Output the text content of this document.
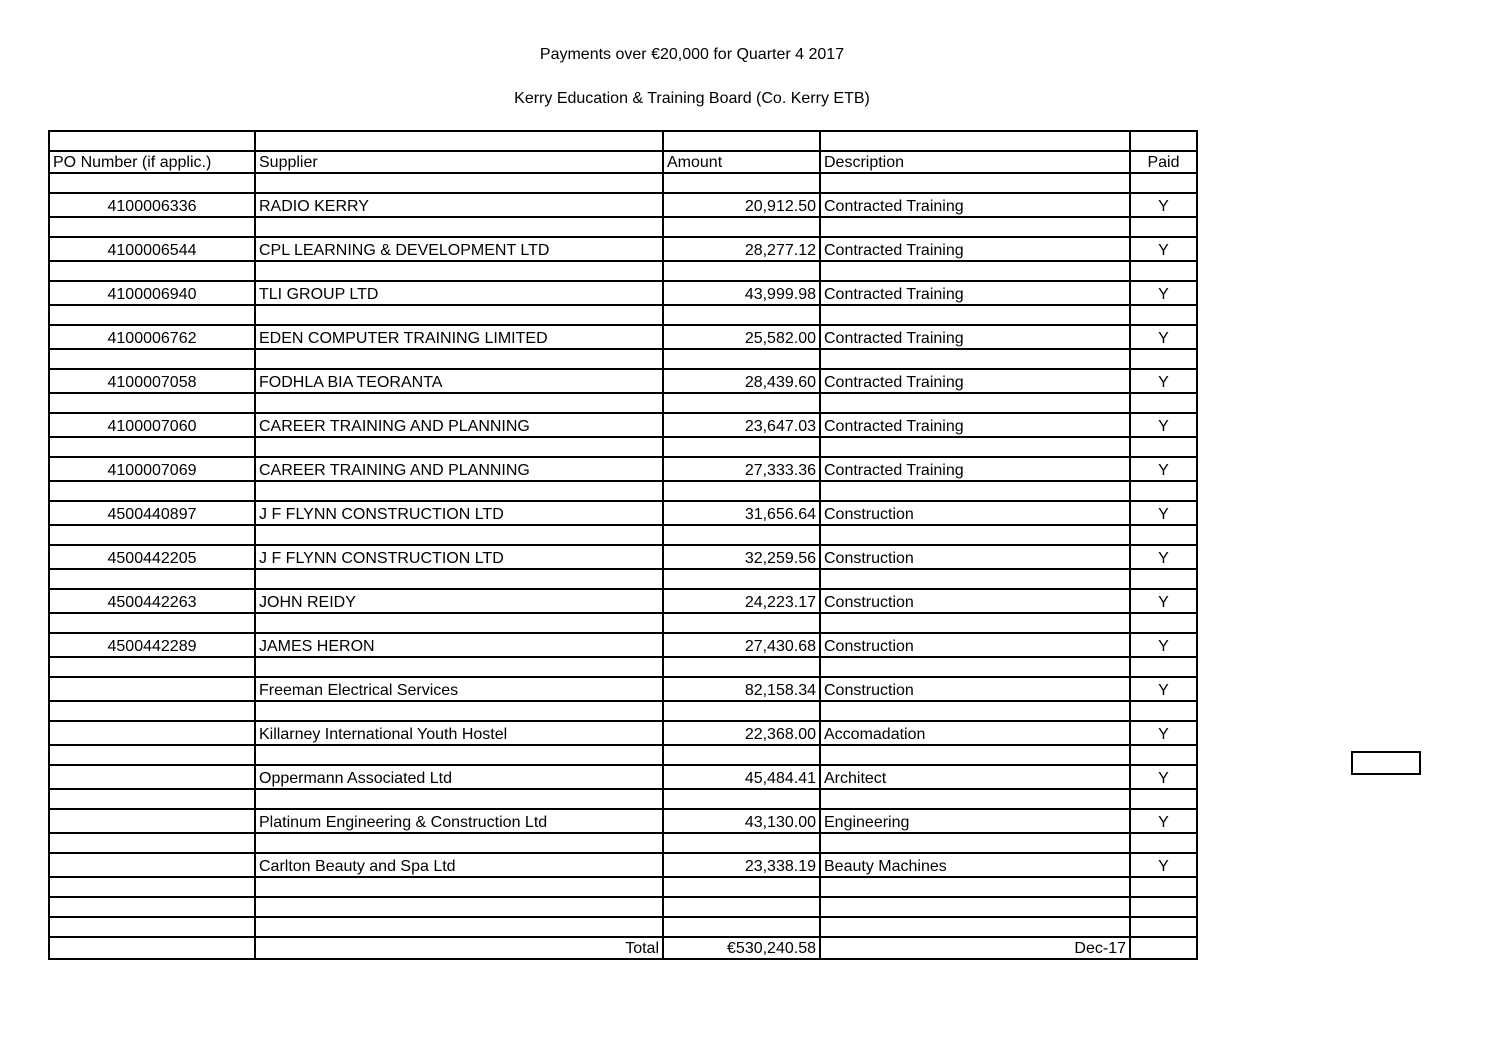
Payments over €20,000 for Quarter 4 2017
Kerry Education & Training Board (Co. Kerry ETB)

PO Number (if applic.)	Supplier	Amount	Description	Paid

4100006336	RADIO KERRY	20,912.50	Contracted Training	Y

4100006544	CPL LEARNING & DEVELOPMENT LTD	28,277.12	Contracted Training	Y

4100006940	TLI GROUP LTD	43,999.98	Contracted Training	Y

4100006762	EDEN COMPUTER TRAINING LIMITED	25,582.00	Contracted Training	Y

4100007058	FODHLA BIA TEORANTA	28,439.60	Contracted Training	Y

4100007060	CAREER TRAINING AND PLANNING	23,647.03	Contracted Training	Y

4100007069	CAREER TRAINING AND PLANNING	27,333.36	Contracted Training	Y

4500440897	J F FLYNN CONSTRUCTION LTD	31,656.64	Construction	Y

4500442205	J F FLYNN CONSTRUCTION LTD	32,259.56	Construction	Y

4500442263	JOHN REIDY	24,223.17	Construction	Y

4500442289	JAMES HERON	27,430.68	Construction	Y

	Freeman Electrical Services	82,158.34	Construction	Y

	Killarney International Youth Hostel	22,368.00	Accomadation	Y

	Oppermann Associated Ltd	45,484.41	Architect	Y

	Platinum Engineering & Construction Ltd	43,130.00	Engineering	Y

	Carlton Beauty and Spa Ltd	23,338.19	Beauty Machines	Y

	Total	€530,240.58	Dec-17	
